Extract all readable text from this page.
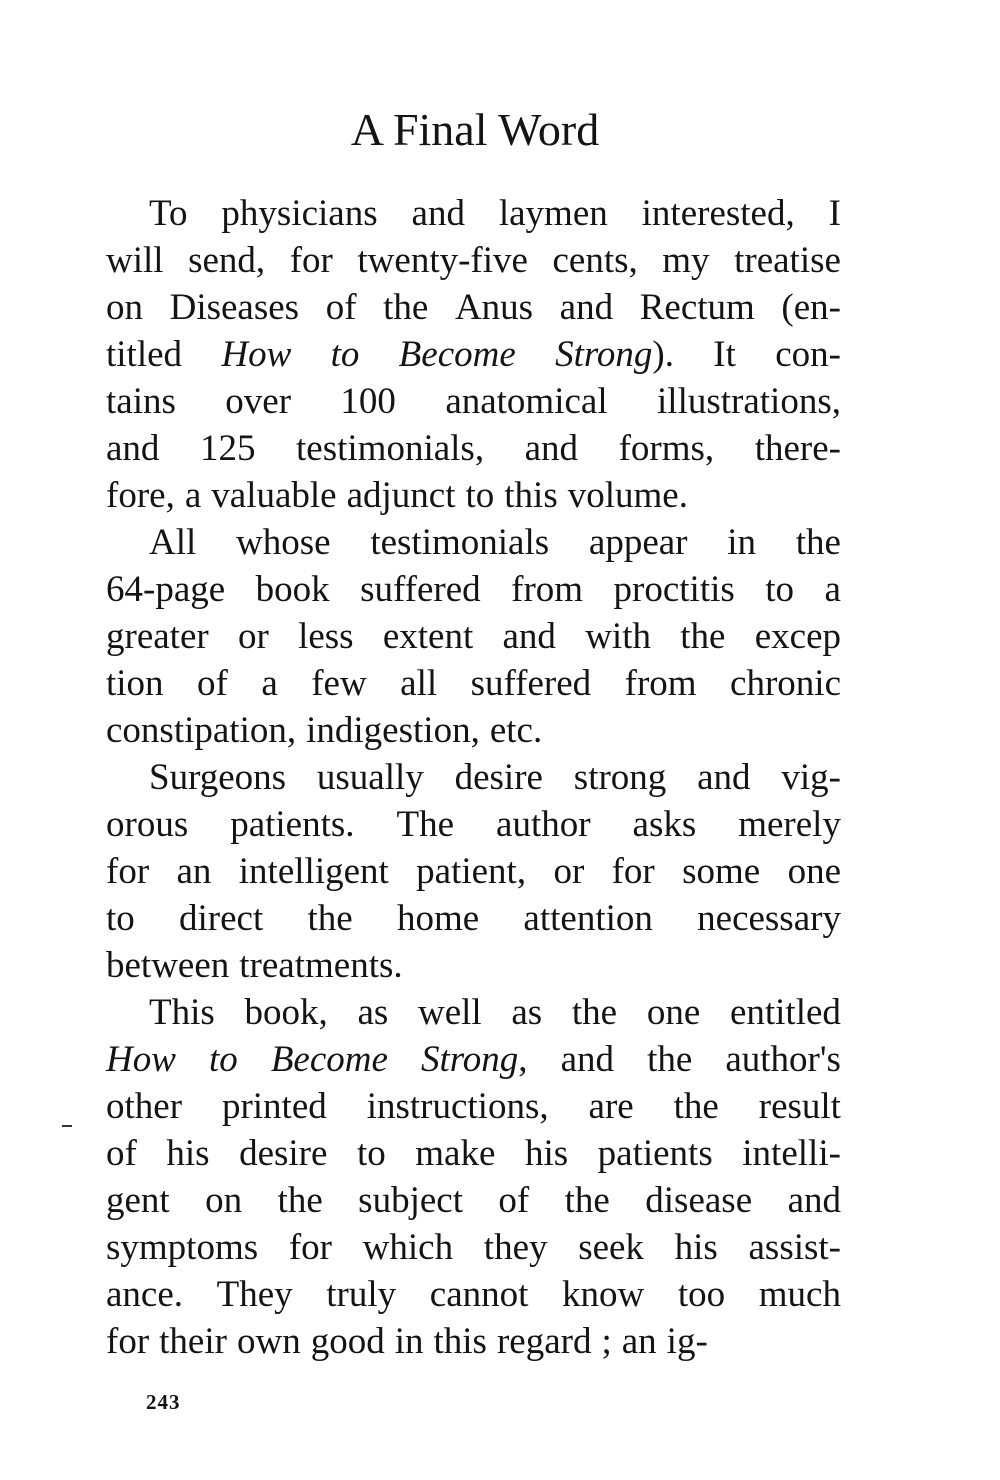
A Final Word
To physicians and laymen interested, I
will send, for twenty-five cents, my treatise
on Diseases of the Anus and Rectum (en-
titled How to Become Strong). It con-
tains over 100 anatomical illustrations,
and 125 testimonials, and forms, there-
fore, a valuable adjunct to this volume.
All whose testimonials appear in the
64-page book suffered from proctitis to a
greater or less extent and with the excep
tion of a few all suffered from chronic
constipation, indigestion, etc.
Surgeons usually desire strong and vig-
orous patients. The author asks merely
for an intelligent patient, or for some one
to direct the home attention necessary
between treatments.
This book, as well as the one entitled
How to Become Strong, and the author's
other printed instructions, are the result
of his desire to make his patients intelli-
gent on the subject of the disease and
symptoms for which they seek his assist-
ance. They truly cannot know too much
for their own good in this regard ; an ig-
243
